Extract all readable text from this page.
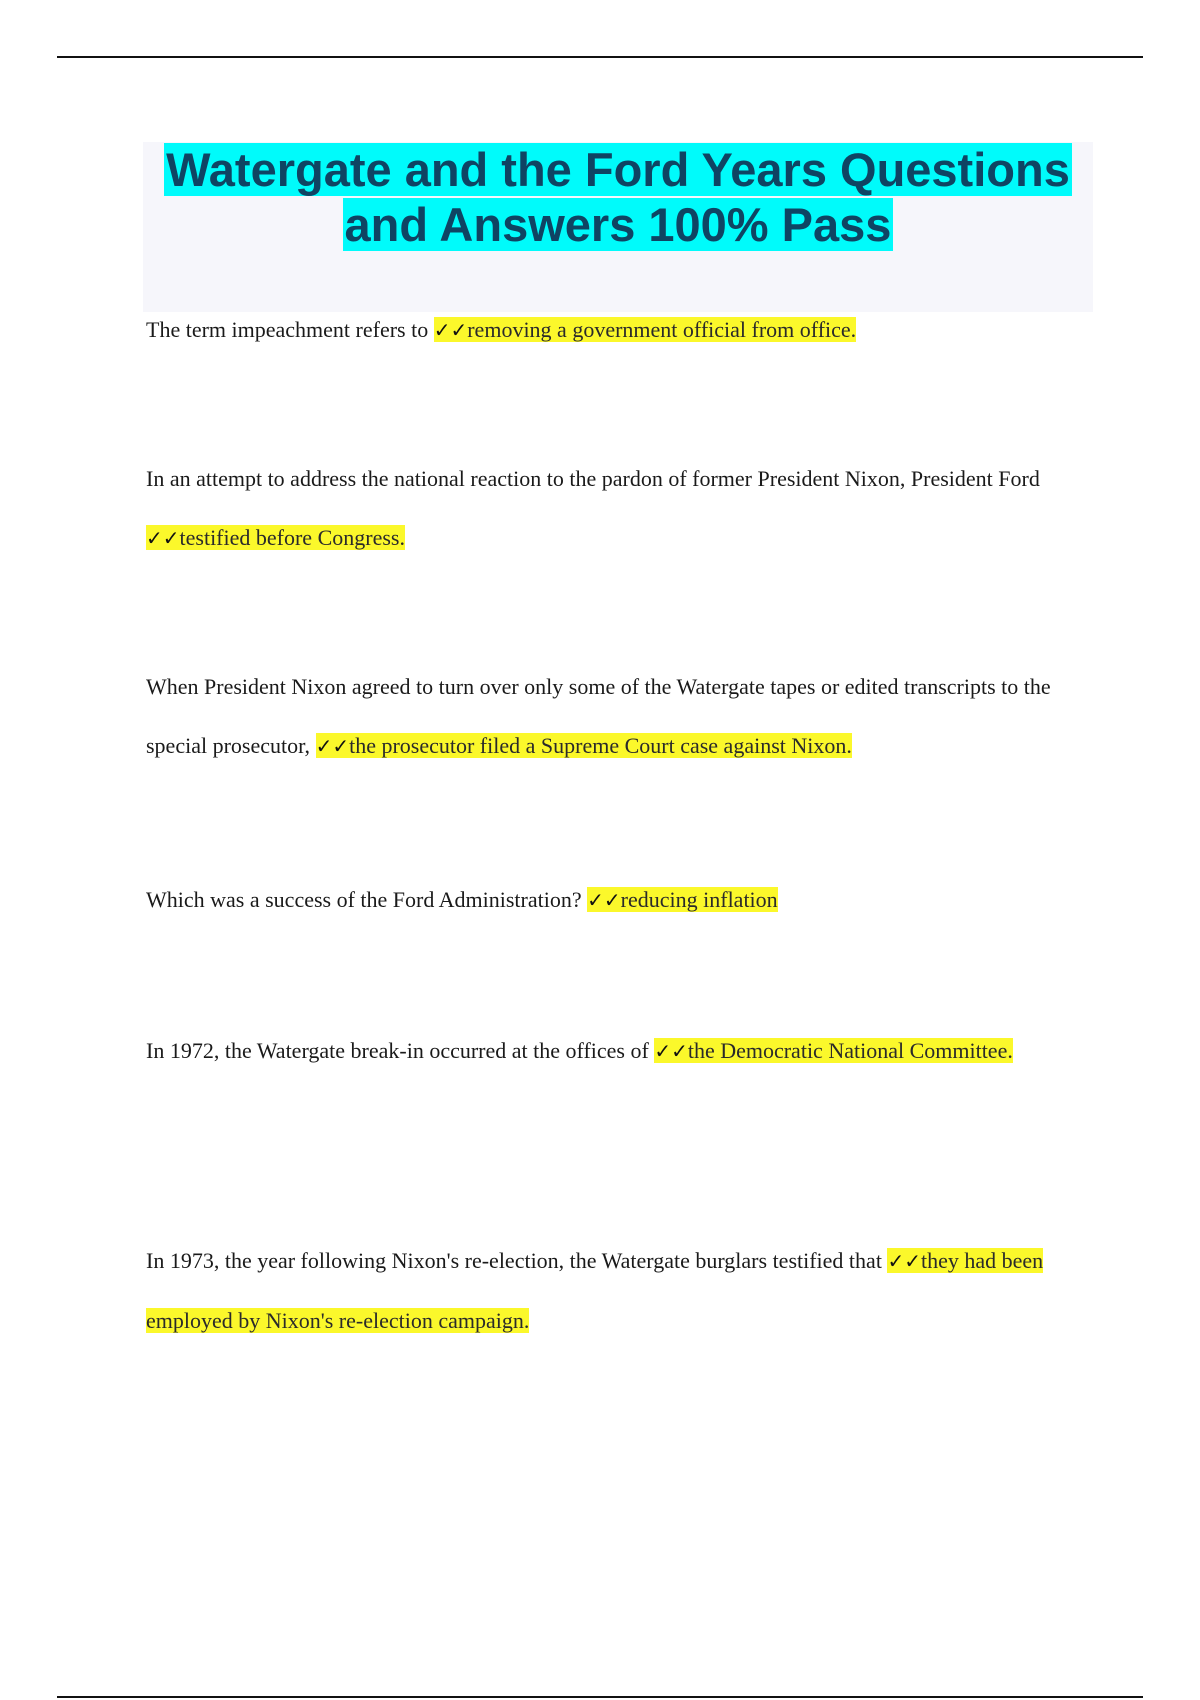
Watergate and the Ford Years Questions
and Answers 100% Pass

The term impeachment refers to ✓✓removing a government official from office.

In an attempt to address the national reaction to the pardon of former President Nixon, President Ford ✓✓testified before Congress.

When President Nixon agreed to turn over only some of the Watergate tapes or edited transcripts to the special prosecutor, ✓✓the prosecutor filed a Supreme Court case against Nixon.

Which was a success of the Ford Administration? ✓✓reducing inflation

In 1972, the Watergate break-in occurred at the offices of ✓✓the Democratic National Committee.

In 1973, the year following Nixon's re-election, the Watergate burglars testified that ✓✓they had been employed by Nixon's re-election campaign.
